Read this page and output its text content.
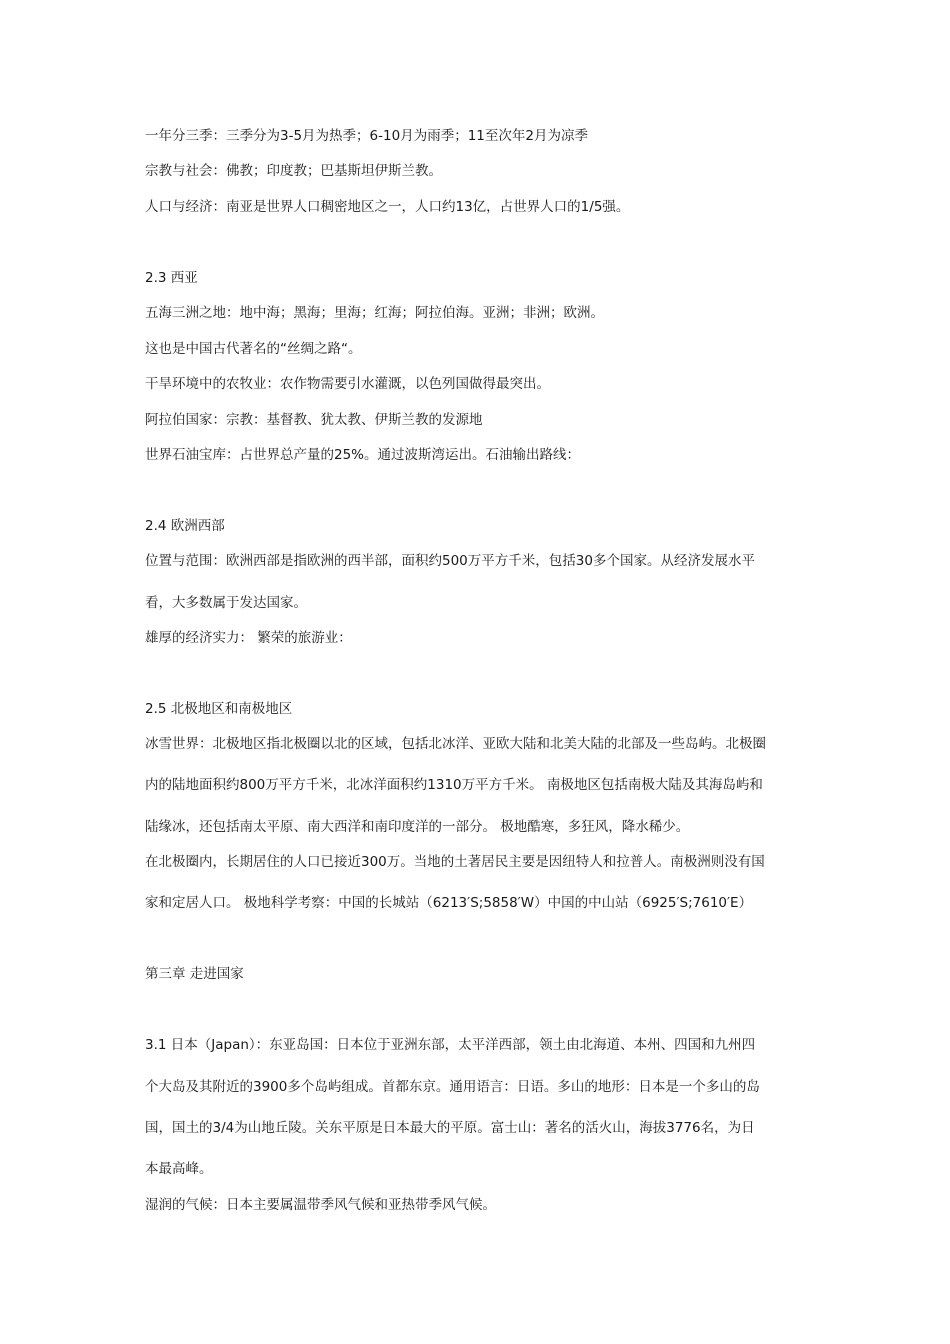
一年分三季：三季分为3-5月为热季；6-10月为雨季；11至次年2月为凉季

宗教与社会：佛教；印度教；巴基斯坦伊斯兰教。

人口与经济：南亚是世界人口稠密地区之一，人口约13亿，占世界人口的1/5强。

2.3 西亚

五海三洲之地：地中海；黑海；里海；红海；阿拉伯海。亚洲；非洲；欧洲。

这也是中国古代著名的“丝绸之路“。

干旱环境中的农牧业：农作物需要引水灌溉，以色列国做得最突出。

阿拉伯国家：宗教：基督教、犹太教、伊斯兰教的发源地

世界石油宝库：占世界总产量的25%。通过波斯湾运出。石油输出路线：

2.4 欧洲西部

位置与范围：欧洲西部是指欧洲的西半部，面积约500万平方千米，包括30多个国家。从经济发展水平

看，大多数属于发达国家。

雄厚的经济实力： 繁荣的旅游业：

2.5 北极地区和南极地区

冰雪世界：北极地区指北极圈以北的区域，包括北冰洋、亚欧大陆和北美大陆的北部及一些岛屿。北极圈

内的陆地面积约800万平方千米，北冰洋面积约1310万平方千米。 南极地区包括南极大陆及其海岛屿和

陆缘冰，还包括南太平原、南大西洋和南印度洋的一部分。 极地酷寒，多狂风，降水稀少。

在北极圈内，长期居住的人口已接近300万。当地的土著居民主要是因纽特人和拉普人。南极洲则没有国

家和定居人口。 极地科学考察：中国的长城站（6213′S;5858′W）中国的中山站（6925′S;7610′E）

第三章 走进国家

3.1 日本（Japan）：东亚岛国：日本位于亚洲东部，太平洋西部，领土由北海道、本州、四国和九州四

个大岛及其附近的3900多个岛屿组成。首都东京。通用语言：日语。多山的地形：日本是一个多山的岛

国，国土的3/4为山地丘陵。关东平原是日本最大的平原。富士山：著名的活火山，海拔3776名，为日

本最高峰。

湿润的气候：日本主要属温带季风气候和亚热带季风气候。
